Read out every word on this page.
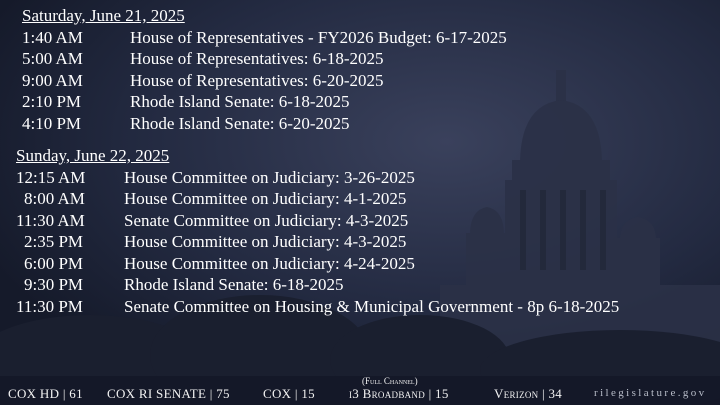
Saturday, June 21, 2025
1:40 AM	House of Representatives - FY2026 Budget: 6-17-2025
5:00 AM	House of Representatives: 6-18-2025
9:00 AM	House of Representatives: 6-20-2025
2:10 PM	Rhode Island Senate: 6-18-2025
4:10 PM	Rhode Island Senate: 6-20-2025
Sunday, June 22, 2025
12:15 AM	House Committee on Judiciary: 3-26-2025
8:00 AM	House Committee on Judiciary: 4-1-2025
11:30 AM	Senate Committee on Judiciary: 4-3-2025
2:35 PM	House Committee on Judiciary: 4-3-2025
6:00 PM	House Committee on Judiciary: 4-24-2025
9:30 PM	Rhode Island Senate: 6-18-2025
11:30 PM	Senate Committee on Housing & Municipal Government - 8p 6-18-2025
COX HD | 61 COX RI SENATE | 75	COX | 15
(Full Channel)
i3 Broadband | 15	Verizon | 34	rilegislature.gov
